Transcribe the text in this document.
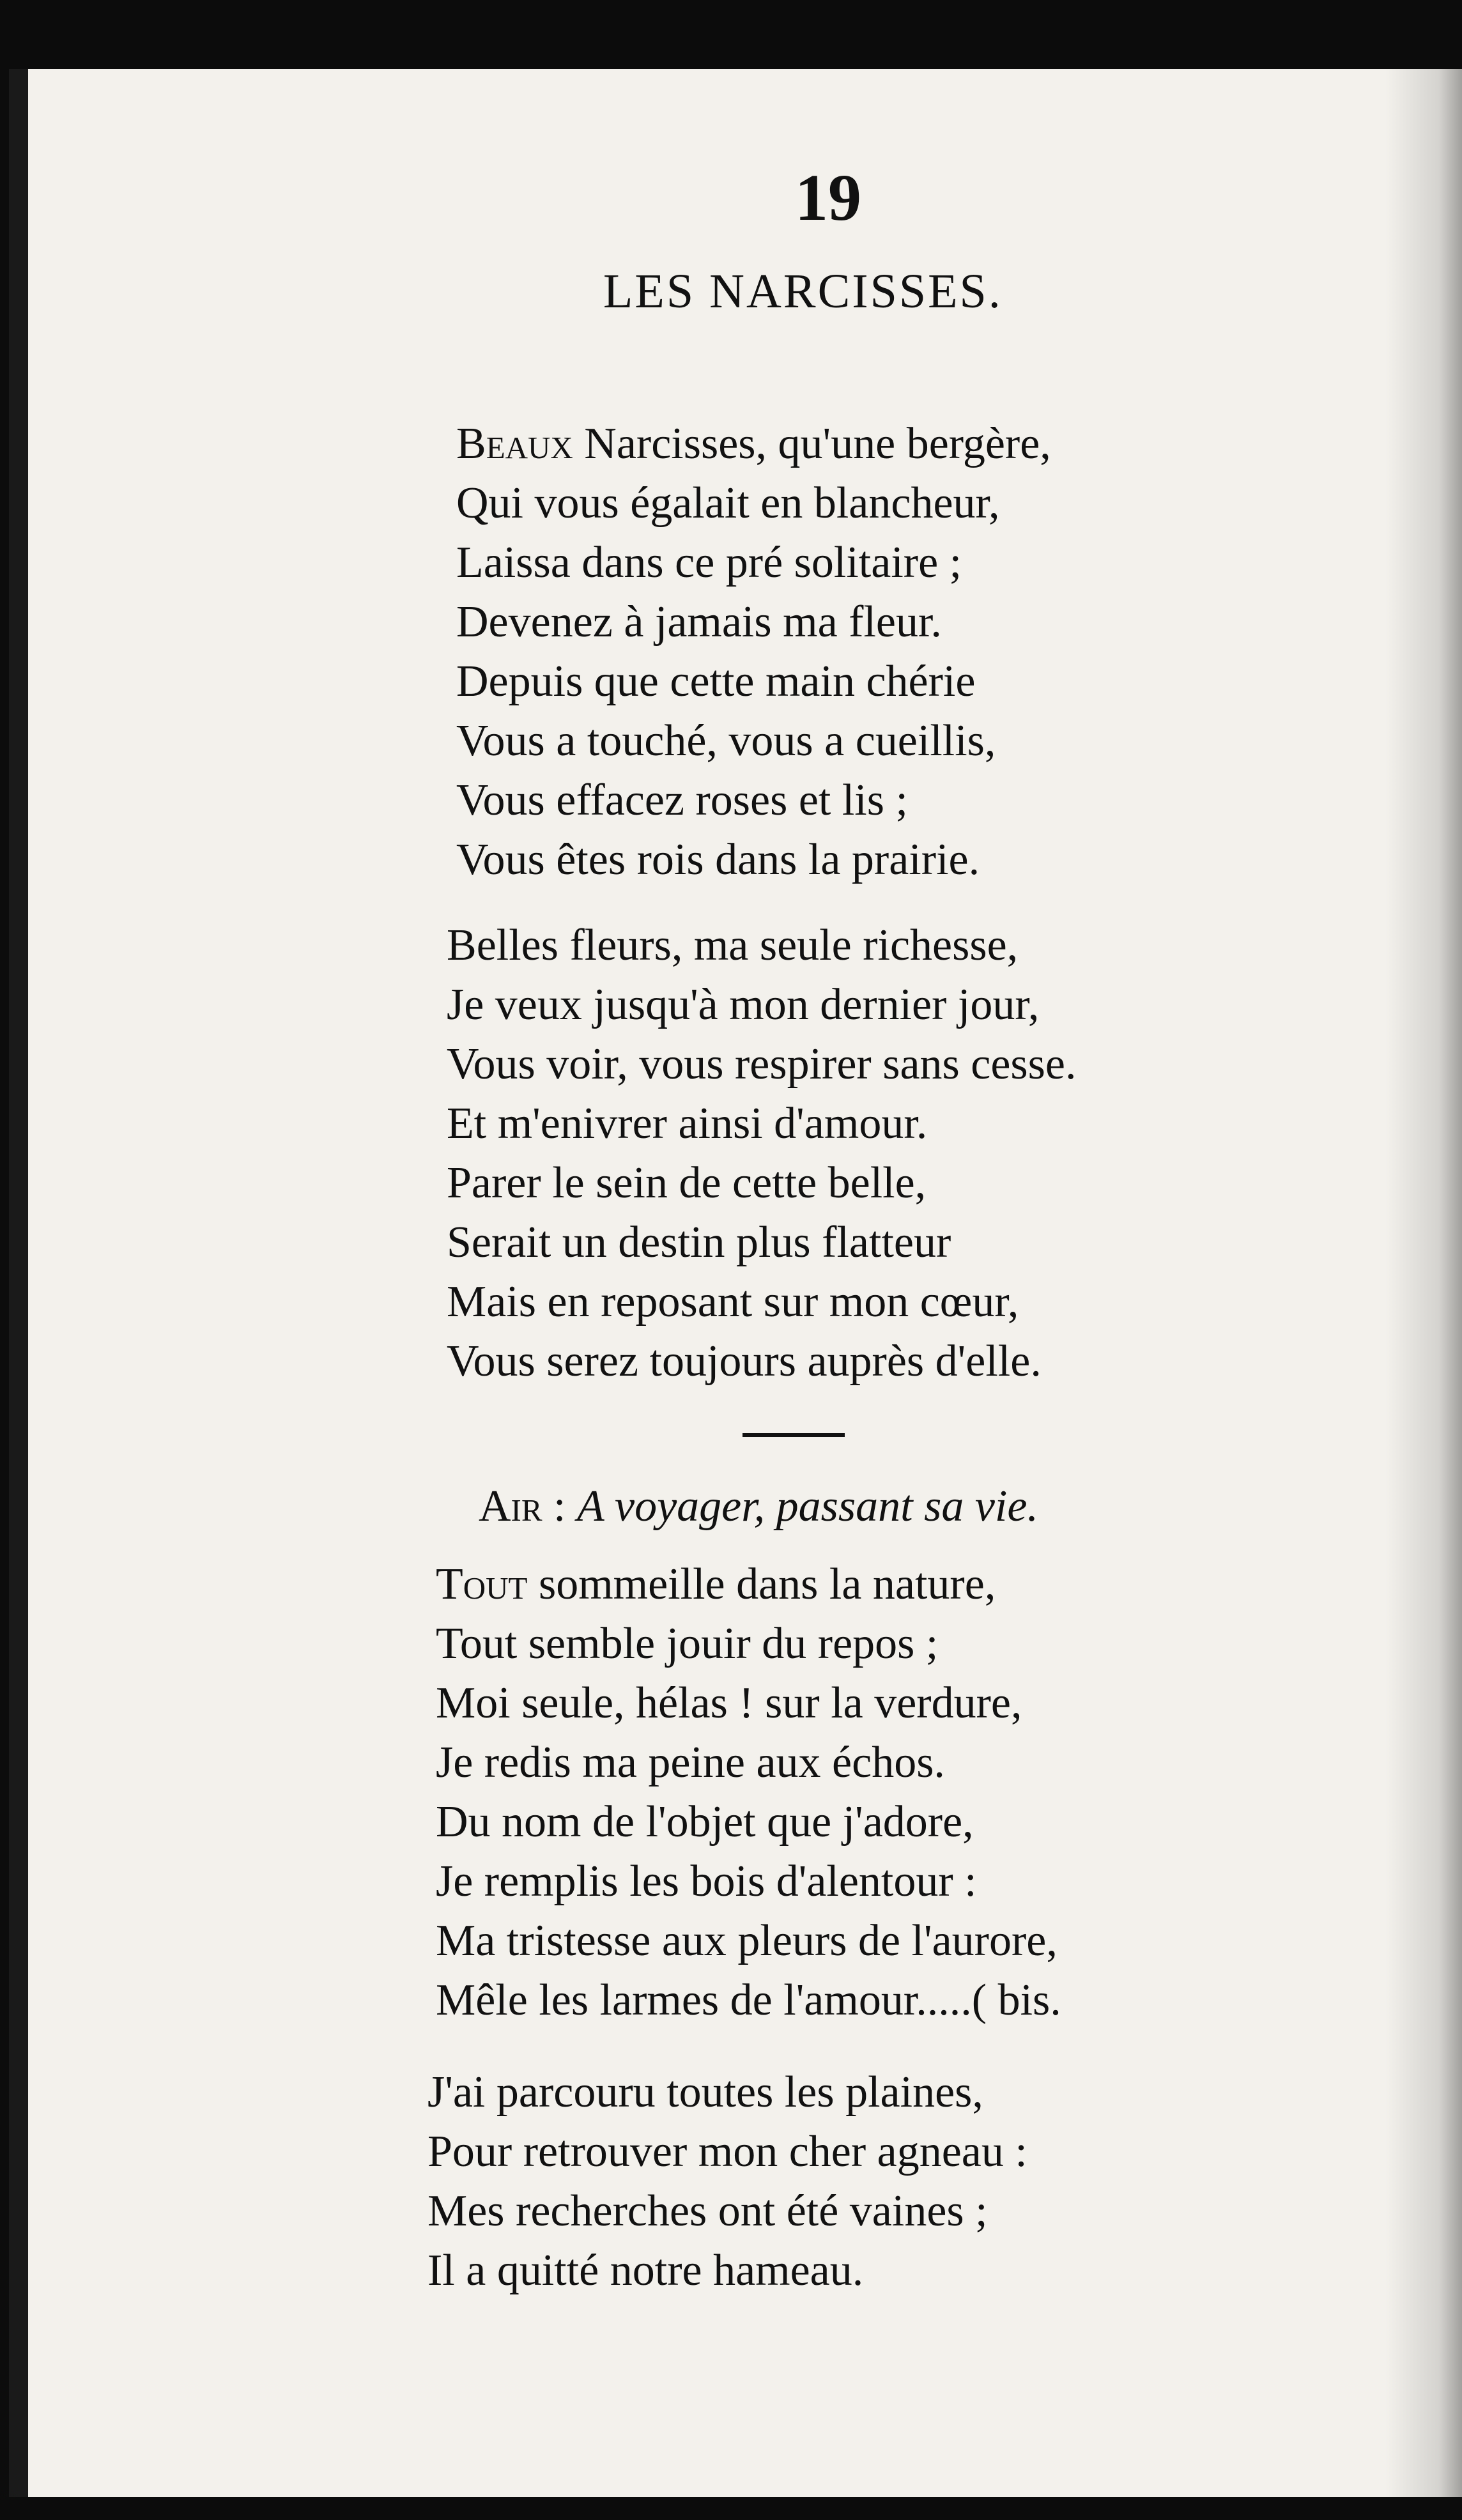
19
LES NARCISSES.
Beaux Narcisses, qu'une bergère,
Qui vous égalait en blancheur,
Laissa dans ce pré solitaire ;
Devenez à jamais ma fleur.
Depuis que cette main chérie
Vous a touché, vous a cueillis,
Vous effacez roses et lis ;
Vous êtes rois dans la prairie.
Belles fleurs, ma seule richesse,
Je veux jusqu'à mon dernier jour,
Vous voir, vous respirer sans cesse.
Et m'enivrer ainsi d'amour.
Parer le sein de cette belle,
Serait un destin plus flatteur
Mais en reposant sur mon cœur,
Vous serez toujours auprès d'elle.
Air : A voyager, passant sa vie.
Tout sommeille dans la nature,
Tout semble jouir du repos ;
Moi seule, hélas ! sur la verdure,
Je redis ma peine aux échos.
Du nom de l'objet que j'adore,
Je remplis les bois d'alentour :
Ma tristesse aux pleurs de l'aurore,
Mêle les larmes de l'amour.....( bis.
J'ai parcouru toutes les plaines,
Pour retrouver mon cher agneau :
Mes recherches ont été vaines ;
Il a quitté notre hameau.
